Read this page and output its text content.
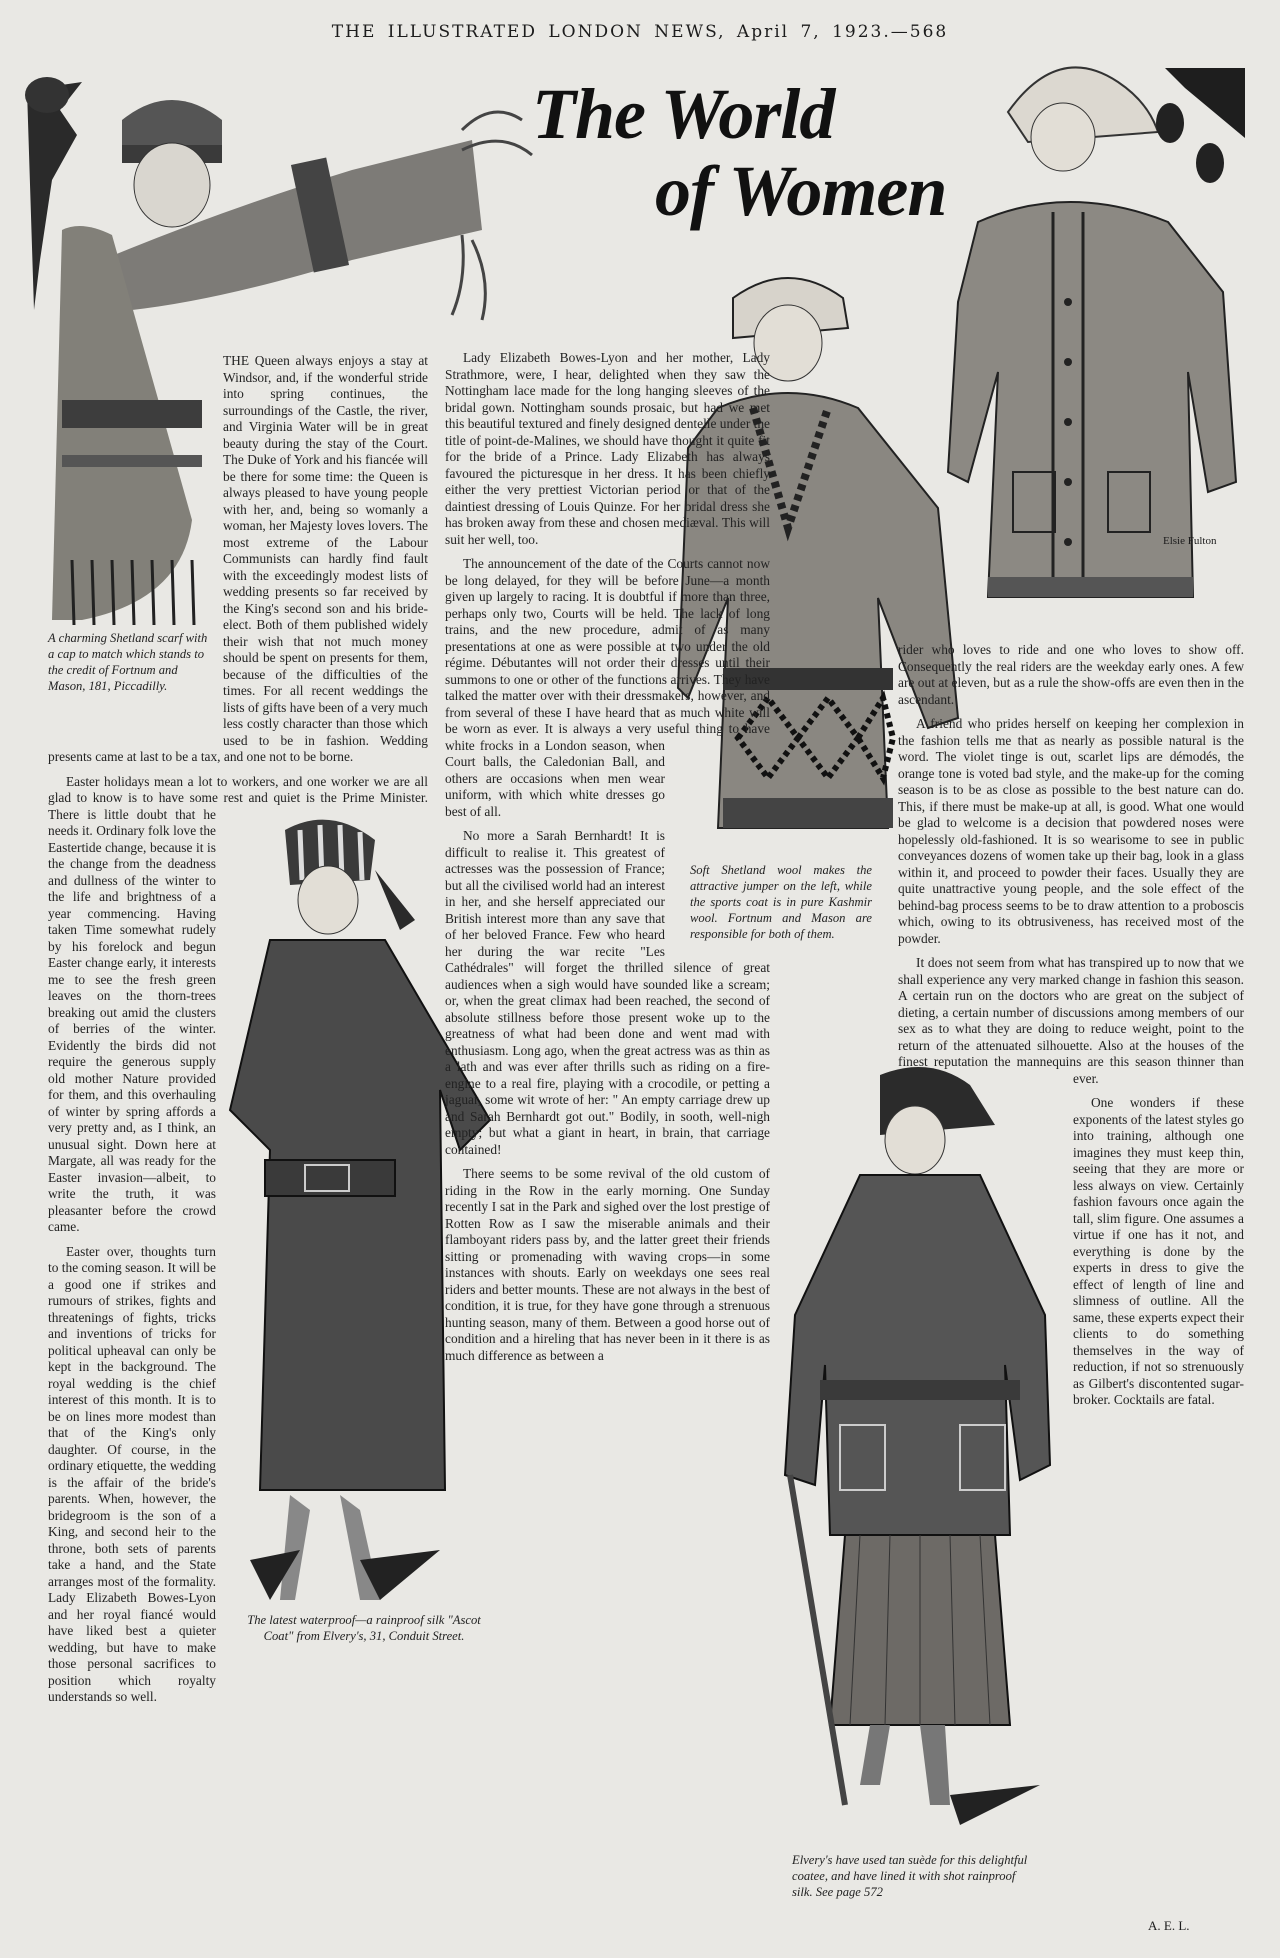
THE ILLUSTRATED LONDON NEWS, April 7, 1923.—568
The World
of Women
A charming Shetland scarf with a cap to match which stands to the credit of Fortnum and Mason, 181, Piccadilly.
Soft Shetland wool makes the attractive jumper on the left, while the sports coat is in pure Kashmir wool. Fortnum and Mason are responsible for both of them.
Elsie Fulton
The latest waterproof—a rainproof silk "Ascot Coat" from Elvery's, 31, Conduit Street.
Elvery's have used tan suède for this delightful coatee, and have lined it with shot rainproof silk. See page 572

THE Queen always enjoys a stay at Windsor, and, if the wonderful stride into spring continues, the surroundings of the Castle, the river, and Virginia Water will be in great beauty during the stay of the Court. The Duke of York and his fiancée will be there for some time: the Queen is always pleased to have young people with her, and, being so womanly a woman, her Majesty loves lovers. The most extreme of the Labour Communists can hardly find fault with the exceedingly modest lists of wedding presents so far received by the King's second son and his bride-elect. Both of them published widely their wish that not much money should be spent on presents for them, because of the difficulties of the times. For all recent weddings the lists of gifts have been of a very much less costly character than those which used to be in fashion. Wedding presents came at last to be a tax, and one not to be borne.

Easter holidays mean a lot to workers, and one worker we are all glad to know is to have some rest and quiet is the Prime Minister. There is little doubt that he needs it. Ordinary folk love the Eastertide change, because it is the change from the deadness and dullness of the winter to the life and brightness of a year commencing. Having taken Time somewhat rudely by his forelock and begun Easter change early, it interests me to see the fresh green leaves on the thorn-trees breaking out amid the clusters of berries of the winter. Evidently the birds did not require the generous supply old mother Nature provided for them, and this overhauling of winter by spring affords a very pretty and, as I think, an unusual sight. Down here at Margate, all was ready for the Easter invasion—albeit, to write the truth, it was pleasanter before the crowd came.

Easter over, thoughts turn to the coming season. It will be a good one if strikes and rumours of strikes, fights and threatenings of fights, tricks and inventions of tricks for political upheaval can only be kept in the background. The royal wedding is the chief interest of this month. It is to be on lines more modest than that of the King's only daughter. Of course, in the ordinary etiquette, the wedding is the affair of the bride's parents. When, however, the bridegroom is the son of a King, and second heir to the throne, both sets of parents take a hand, and the State arranges most of the formality. Lady Elizabeth Bowes-Lyon and her royal fiancé would have liked best a quieter wedding, but have to make those personal sacrifices to position which royalty understands so well.

Lady Elizabeth Bowes-Lyon and her mother, Lady Strathmore, were, I hear, delighted when they saw the Nottingham lace made for the long hanging sleeves of the bridal gown. Nottingham sounds prosaic, but had we met this beautiful textured and finely designed dentelle under the title of point-de-Malines, we should have thought it quite fit for the bride of a Prince. Lady Elizabeth has always favoured the picturesque in her dress. It has been chiefly either the very prettiest Victorian period or that of the daintiest dressing of Louis Quinze. For her bridal dress she has broken away from these and chosen mediæval. This will suit her well, too.

The announcement of the date of the Courts cannot now be long delayed, for they will be before June—a month given up largely to racing. It is doubtful if more than three, perhaps only two, Courts will be held. The lack of long trains, and the new procedure, admit of as many presentations at one as were possible at two under the old régime. Débutantes will not order their dresses until their summons to one or other of the functions arrives. They have talked the matter over with their dressmakers, however, and from several of these I have heard that as much white will be worn as ever. It is always a very useful thing to have white frocks in a London season, when Court balls, the Caledonian Ball, and others are occasions when men wear uniform, with which white dresses go best of all.

No more a Sarah Bernhardt! It is difficult to realise it. This greatest of actresses was the possession of France; but all the civilised world had an interest in her, and she herself appreciated our British interest more than any save that of her beloved France. Few who heard her during the war recite "Les Cathédrales" will forget the thrilled silence of great audiences when a sigh would have sounded like a scream; or, when the great climax had been reached, the second of absolute stillness before those present woke up to the greatness of what had been done and went mad with enthusiasm. Long ago, when the great actress was as thin as a lath and was ever after thrills such as riding on a fire-engine to a real fire, playing with a crocodile, or petting a jaguar, some wit wrote of her: " An empty carriage drew up and Sarah Bernhardt got out." Bodily, in sooth, well-nigh empty; but what a giant in heart, in brain, that carriage contained!

There seems to be some revival of the old custom of riding in the Row in the early morning. One Sunday recently I sat in the Park and sighed over the lost prestige of Rotten Row as I saw the miserable animals and their flamboyant riders pass by, and the latter greet their friends sitting or promenading with waving crops—in some instances with shouts. Early on weekdays one sees real riders and better mounts. These are not always in the best of condition, it is true, for they have gone through a strenuous hunting season, many of them. Between a good horse out of condition and a hireling that has never been in it there is as much difference as between a

rider who loves to ride and one who loves to show off. Consequently the real riders are the weekday early ones. A few are out at eleven, but as a rule the show-offs are even then in the ascendant.

A friend who prides herself on keeping her complexion in the fashion tells me that as nearly as possible natural is the word. The violet tinge is out, scarlet lips are démodés, the orange tone is voted bad style, and the make-up for the coming season is to be as close as possible to the best nature can do. This, if there must be make-up at all, is good. What one would be glad to welcome is a decision that powdered noses were hopelessly old-fashioned. It is so wearisome to see in public conveyances dozens of women take up their bag, look in a glass within it, and proceed to powder their faces. Usually they are quite unattractive young people, and the sole effect of the behind-bag process seems to be to draw attention to a proboscis which, owing to its obtrusiveness, has received most of the powder.

It does not seem from what has transpired up to now that we shall experience any very marked change in fashion this season. A certain run on the doctors who are great on the subject of dieting, a certain number of discussions among members of our sex as to what they are doing to reduce weight, point to the return of the attenuated silhouette. Also at the houses of the finest reputation the mannequins are this season thinner than ever.

One wonders if these exponents of the latest styles go into training, although one imagines they must keep thin, seeing that they are more or less always on view. Certainly fashion favours once again the tall, slim figure. One assumes a virtue if one has it not, and everything is done by the experts in dress to give the effect of length of line and slimness of outline. All the same, these experts expect their clients to do something themselves in the way of reduction, if not so strenuously as Gilbert's discontented sugar-broker. Cocktails are fatal.

A. E. L.
